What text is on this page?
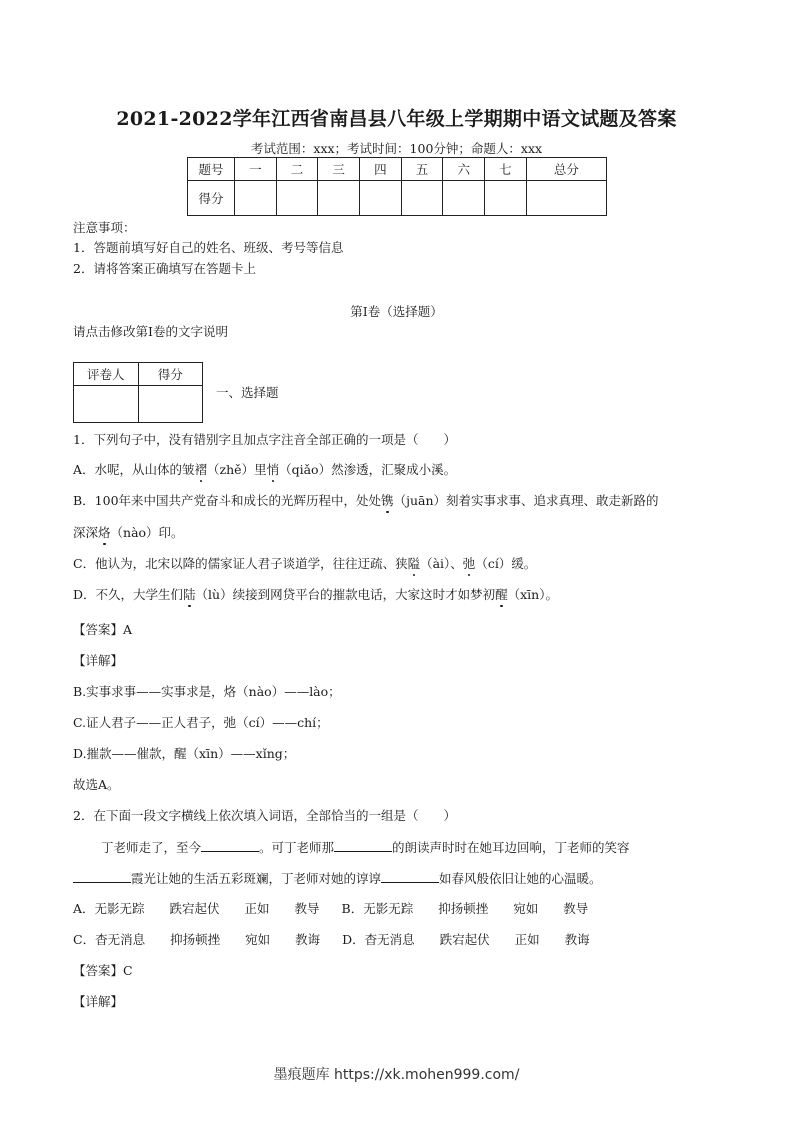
2021-2022学年江西省南昌县八年级上学期期中语文试题及答案
考试范围：xxx；考试时间：100分钟；命题人：xxx
题号	一	二	三	四	五	六	七	总分
得分								
注意事项：
1．答题前填写好自己的姓名、班级、考号等信息
2．请将答案正确填写在答题卡上
第I卷（选择题）
请点击修改第I卷的文字说明
评卷人	得分

一、选择题
1．下列句子中，没有错别字且加点字注音全部正确的一项是（　　）
A．水呢，从山体的皱褶（zhě）里悄（qiǎo）然渗透，汇聚成小溪。
B．100年来中国共产党奋斗和成长的光辉历程中，处处镌（juān）刻着实事求事、追求真理、敢走新路的
深深烙（nào）印。
C．他认为，北宋以降的儒家证人君子谈道学，往往迂疏、狭隘（ài）、弛（cí）缓。
D．不久，大学生们陆（lù）续接到网贷平台的摧款电话，大家这时才如梦初醒（xīn）。
【答案】A
【详解】
B.实事求事——实事求是，烙（nào）——lào；
C.证人君子——正人君子，弛（cí）——chí；
D.摧款——催款，醒（xīn）——xǐng；
故选A。
2．在下面一段文字横线上依次填入词语，全部恰当的一组是（　　）
丁老师走了，至今	。可丁老师那	的朗读声时时在她耳边回响，丁老师的笑容
霞光让她的生活五彩斑斓，丁老师对她的谆谆	如春风般依旧让她的心温暖。
A．无影无踪　　跌宕起伏　　正如　　教导 B．无影无踪　　抑扬顿挫　　宛如　　教导
C．杳无消息　　抑扬顿挫　　宛如　　教诲 D．杳无消息　　跌宕起伏　　正如　　教诲
【答案】C
【详解】
墨痕题库 https://xk.mohen999.com/
